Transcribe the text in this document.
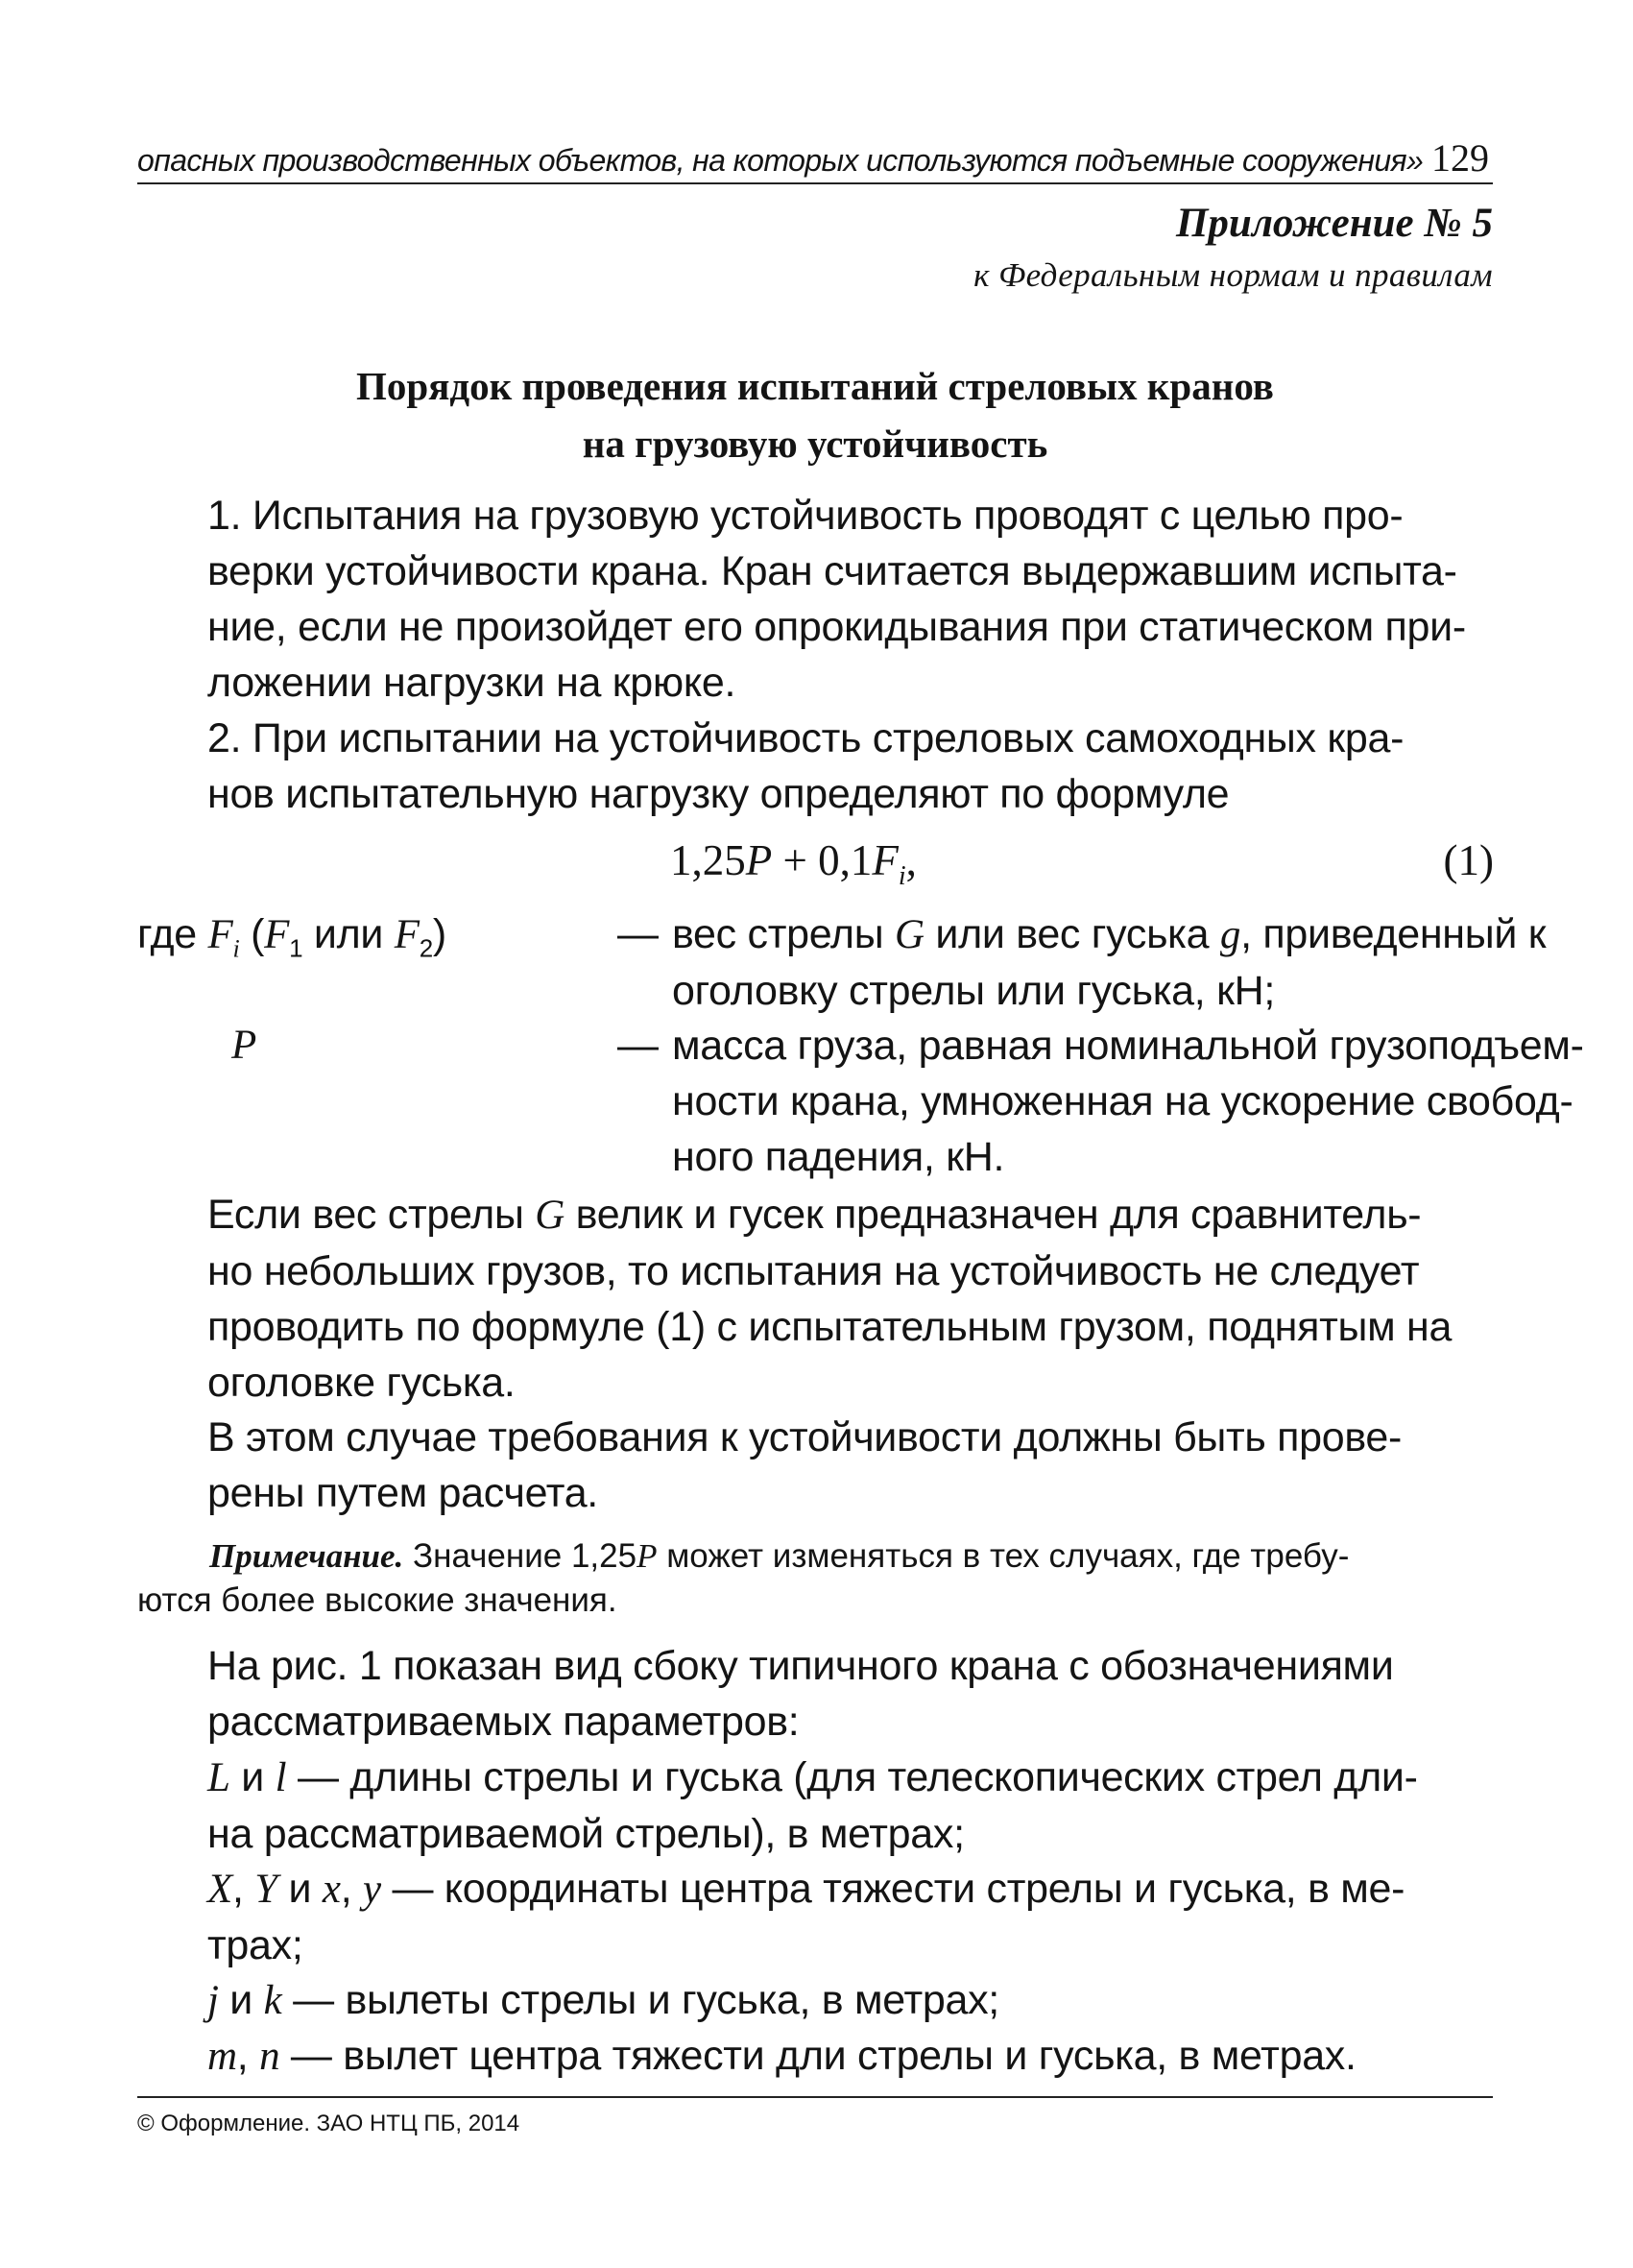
опасных производственных объектов, на которых используются подъемные сооружения» 129
Приложение № 5
к Федеральным нормам и правилам
Порядок проведения испытаний стреловых кранов
на грузовую устойчивость
1. Испытания на грузовую устойчивость проводят с целью про-
верки устойчивости крана. Кран считается выдержавшим испыта-
ние, если не произойдет его опрокидывания при статическом при-
ложении нагрузки на крюке.
2. При испытании на устойчивость стреловых самоходных кра-
нов испытательную нагрузку определяют по формуле
$1,25P + 0,1F_i$,	(1)
где $F_i$ ($F_1$ или $F_2$)	— вес стрелы G или вес гуська g, приведенный к
оголовку стрелы или гуська, кН;
P	— масса груза, равная номинальной грузоподъем-
ности крана, умноженная на ускорение свобод-
ного падения, кН.
Если вес стрелы G велик и гусек предназначен для сравнитель-
но небольших грузов, то испытания на устойчивость не следует
проводить по формуле (1) с испытательным грузом, поднятым на
оголовке гуська.
В этом случае требования к устойчивости должны быть прове-
рены путем расчета.
Примечание. Значение 1,25P может изменяться в тех случаях, где требу-
ются более высокие значения.
На рис. 1 показан вид сбоку типичного крана с обозначениями
рассматриваемых параметров:
L и l — длины стрелы и гуська (для телескопических стрел дли-
на рассматриваемой стрелы), в метрах;
X, Y и x, y — координаты центра тяжести стрелы и гуська, в ме-
трах;
j и k — вылеты стрелы и гуська, в метрах;
m, n — вылет центра тяжести дли стрелы и гуська, в метрах.
© Оформление. ЗАО НТЦ ПБ, 2014
